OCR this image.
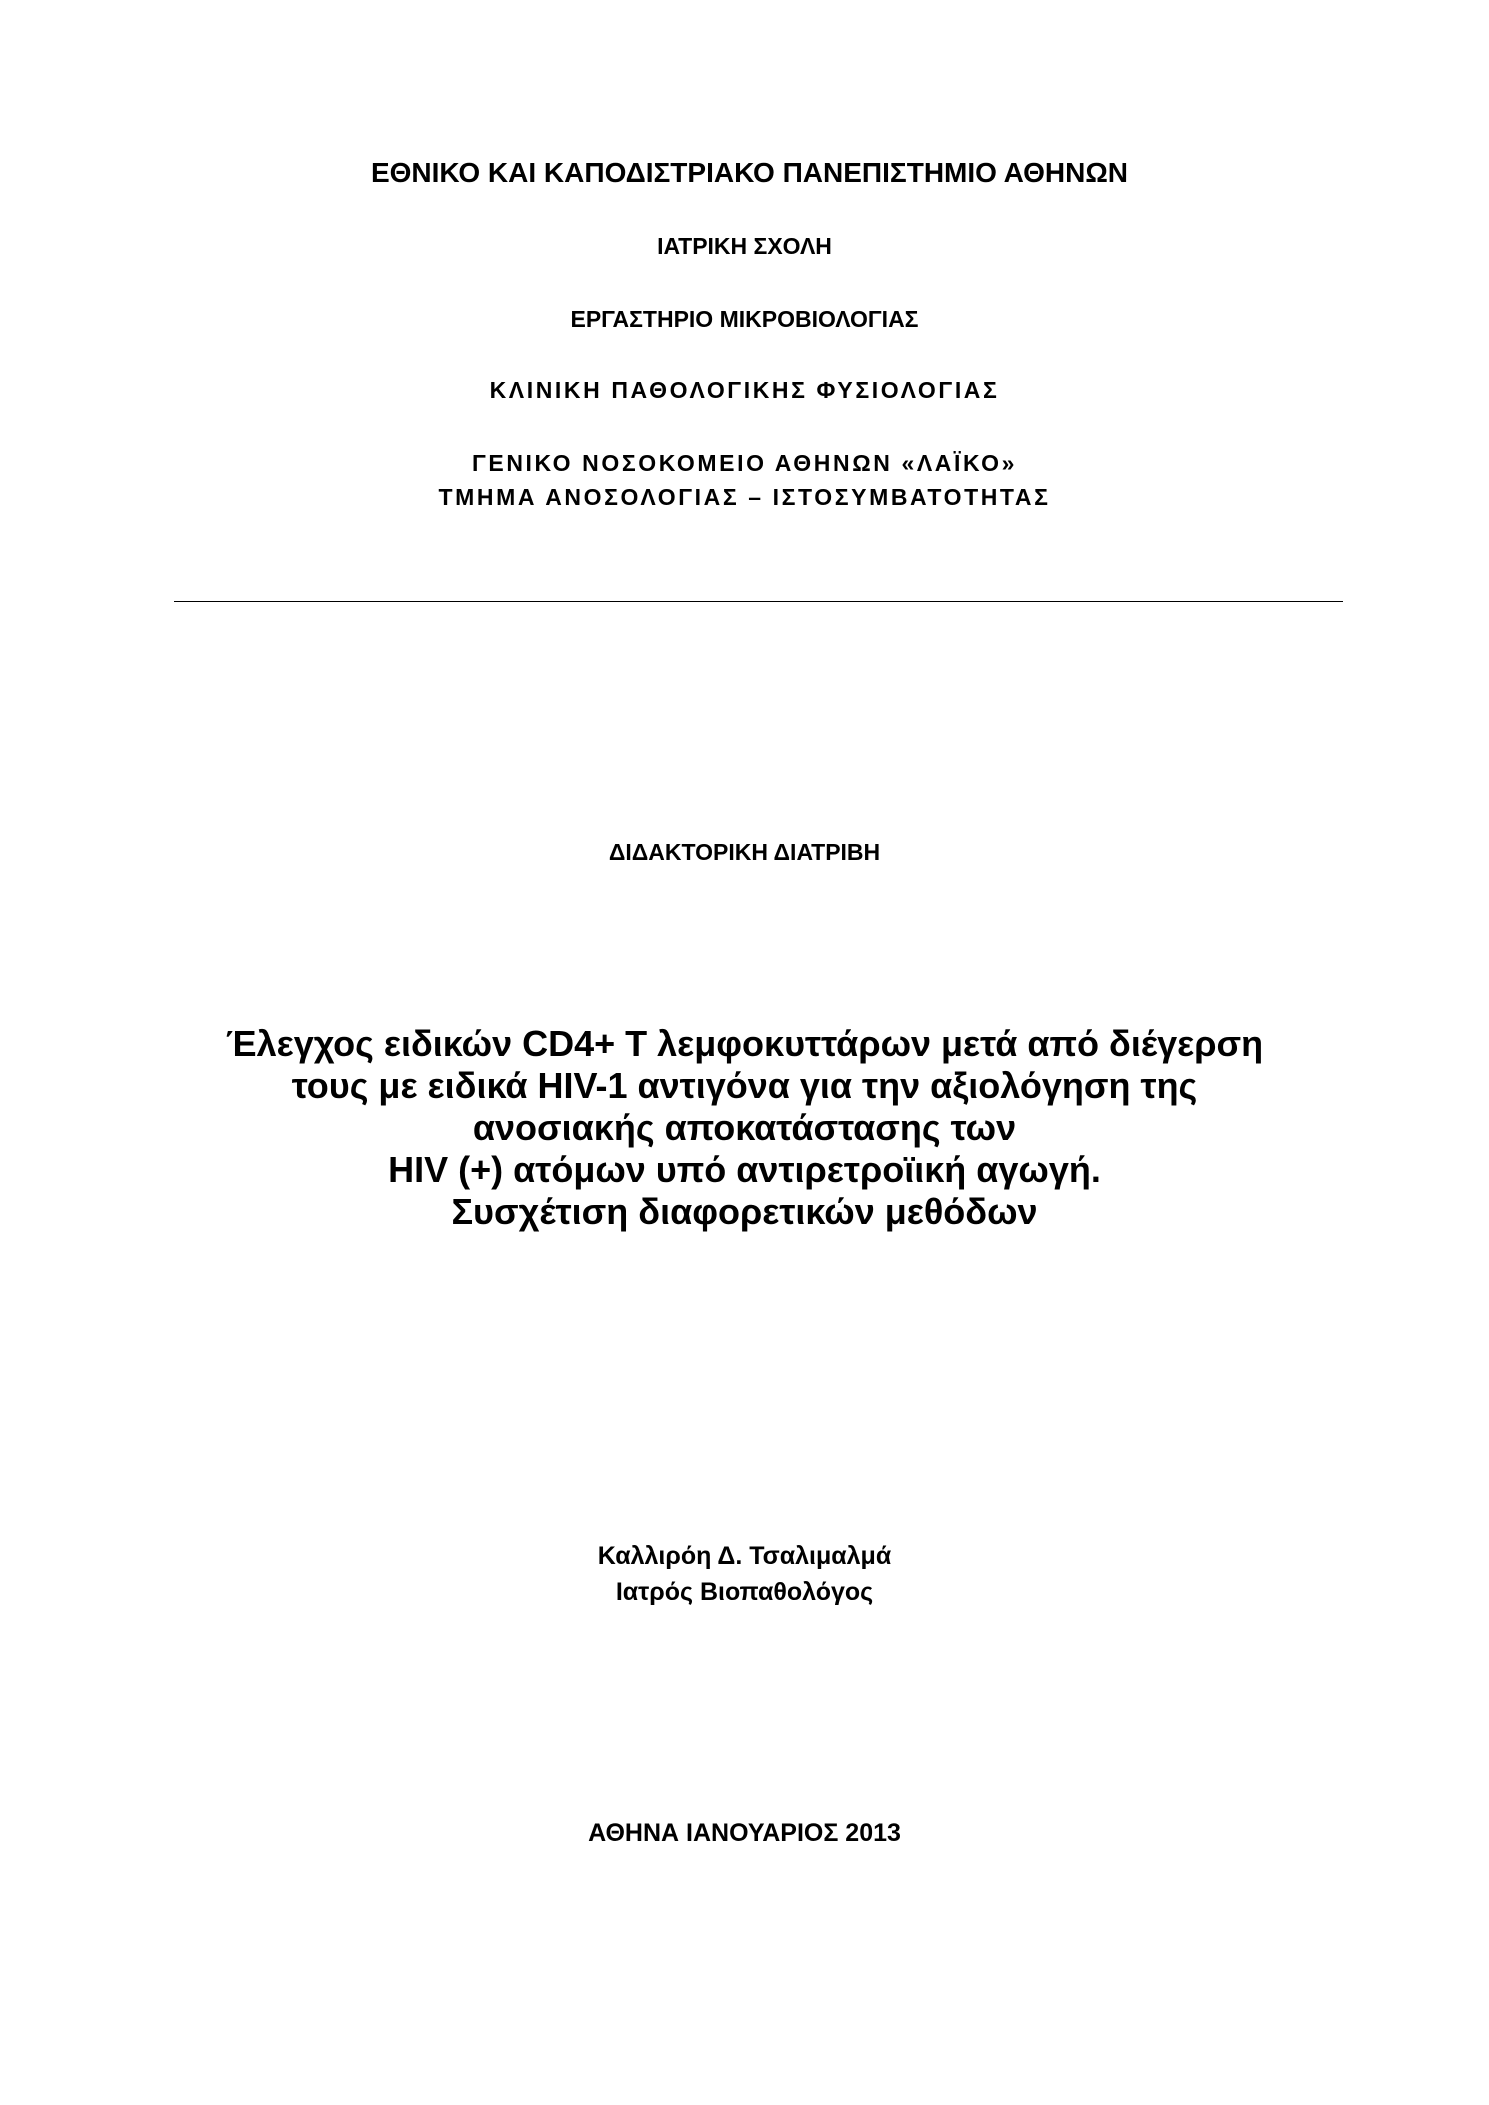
ΕΘΝΙΚΟ ΚΑΙ ΚΑΠΟΔΙΣΤΡΙΑΚΟ ΠΑΝΕΠΙΣΤΗΜΙΟ ΑΘΗΝΩΝ
ΙΑΤΡΙΚΗ ΣΧΟΛΗ
ΕΡΓΑΣΤΗΡΙΟ ΜΙΚΡΟΒΙΟΛΟΓΙΑΣ
ΚΛΙΝΙΚΗ ΠΑΘΟΛΟΓΙΚΗΣ ΦΥΣΙΟΛΟΓΙΑΣ
ΓΕΝΙΚΟ ΝΟΣΟΚΟΜΕΙΟ ΑΘΗΝΩΝ «ΛΑΪΚΟ»
ΤΜΗΜΑ ΑΝΟΣΟΛΟΓΙΑΣ – ΙΣΤΟΣΥΜΒΑΤΟΤΗΤΑΣ
ΔΙΔΑΚΤΟΡΙΚΗ ΔΙΑΤΡΙΒΗ
Έλεγχος ειδικών CD4+ T λεμφοκυττάρων μετά από διέγερση
τους με ειδικά HIV-1 αντιγόνα για την αξιολόγηση της
ανοσιακής αποκατάστασης των
HIV (+) ατόμων υπό αντιρετροϊική αγωγή.
Συσχέτιση διαφορετικών μεθόδων
Καλλιρόη Δ. Τσαλιμαλμά
Ιατρός Βιοπαθολόγος
ΑΘΗΝΑ ΙΑΝΟΥΑΡΙΟΣ 2013
